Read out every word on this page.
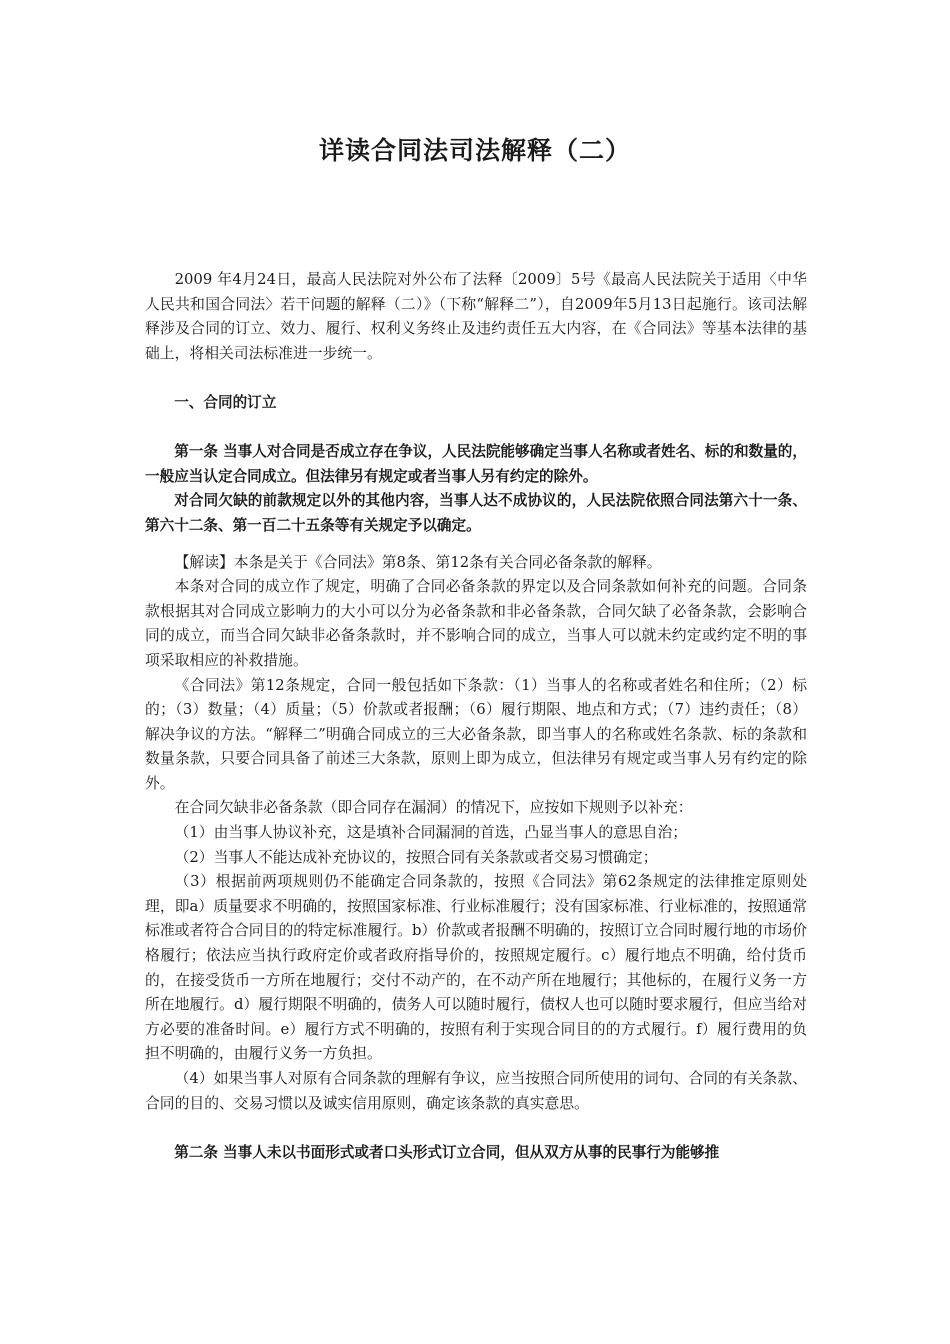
详读合同法司法解释（二）

2009 年4月24日，最高人民法院对外公布了法释〔2009〕5号《最高人民法院关于适用〈中华人民共和国合同法〉若干问题的解释（二）》（下称“解释二”），自2009年5月13日起施行。该司法解释涉及合同的订立、效力、履行、权利义务终止及违约责任五大内容，在《合同法》等基本法律的基础上，将相关司法标准进一步统一。

一、合同的订立

第一条 当事人对合同是否成立存在争议，人民法院能够确定当事人名称或者姓名、标的和数量的，一般应当认定合同成立。但法律另有规定或者当事人另有约定的除外。

对合同欠缺的前款规定以外的其他内容，当事人达不成协议的，人民法院依照合同法第六十一条、第六十二条、第一百二十五条等有关规定予以确定。

【解读】本条是关于《合同法》第8条、第12条有关合同必备条款的解释。

本条对合同的成立作了规定，明确了合同必备条款的界定以及合同条款如何补充的问题。合同条款根据其对合同成立影响力的大小可以分为必备条款和非必备条款，合同欠缺了必备条款，会影响合同的成立，而当合同欠缺非必备条款时，并不影响合同的成立，当事人可以就未约定或约定不明的事项采取相应的补救措施。

《合同法》第12条规定，合同一般包括如下条款：（1）当事人的名称或者姓名和住所；（2）标的；（3）数量；（4）质量；（5）价款或者报酬；（6）履行期限、地点和方式；（7）违约责任；（8）解决争议的方法。“解释二”明确合同成立的三大必备条款，即当事人的名称或姓名条款、标的条款和数量条款，只要合同具备了前述三大条款，原则上即为成立，但法律另有规定或当事人另有约定的除外。

在合同欠缺非必备条款（即合同存在漏洞）的情况下，应按如下规则予以补充：

（1）由当事人协议补充，这是填补合同漏洞的首选，凸显当事人的意思自治；

（2）当事人不能达成补充协议的，按照合同有关条款或者交易习惯确定；

（3）根据前两项规则仍不能确定合同条款的，按照《合同法》第62条规定的法律推定原则处理，即a）质量要求不明确的，按照国家标准、行业标准履行；没有国家标准、行业标准的，按照通常标准或者符合合同目的的特定标准履行。b）价款或者报酬不明确的，按照订立合同时履行地的市场价格履行；依法应当执行政府定价或者政府指导价的，按照规定履行。c）履行地点不明确，给付货币的，在接受货币一方所在地履行；交付不动产的，在不动产所在地履行；其他标的，在履行义务一方所在地履行。d）履行期限不明确的，债务人可以随时履行，债权人也可以随时要求履行，但应当给对方必要的准备时间。e）履行方式不明确的，按照有利于实现合同目的的方式履行。f）履行费用的负担不明确的，由履行义务一方负担。

（4）如果当事人对原有合同条款的理解有争议，应当按照合同所使用的词句、合同的有关条款、合同的目的、交易习惯以及诚实信用原则，确定该条款的真实意思。

第二条 当事人未以书面形式或者口头形式订立合同，但从双方从事的民事行为能够推
